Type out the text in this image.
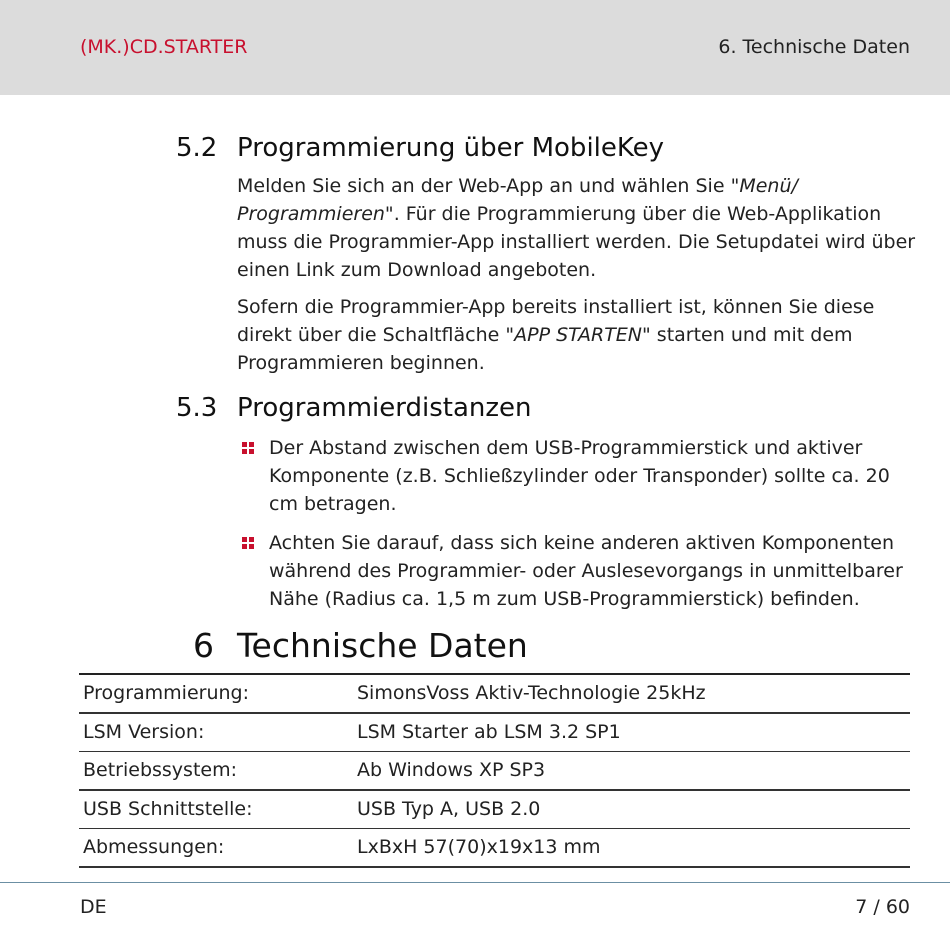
(MK.)CD.STARTER	6. Technische Daten
5.2 Programmierung über MobileKey
Melden Sie sich an der Web-App an und wählen Sie "Menü/ Programmieren". Für die Programmierung über die Web-Applikation muss die Programmier-App installiert werden. Die Setupdatei wird über einen Link zum Download angeboten.
Sofern die Programmier-App bereits installiert ist, können Sie diese direkt über die Schaltfläche "APP STARTEN" starten und mit dem Programmieren beginnen.
5.3 Programmierdistanzen
Der Abstand zwischen dem USB-Programmierstick und aktiver Komponente (z.B. Schließzylinder oder Transponder) sollte ca. 20 cm betragen.
Achten Sie darauf, dass sich keine anderen aktiven Komponenten während des Programmier- oder Auslesevorgangs in unmittelbarer Nähe (Radius ca. 1,5 m zum USB-Programmierstick) befinden.
6 Technische Daten
Programmierung:	SimonsVoss Aktiv-Technologie 25kHz
LSM Version:	LSM Starter ab LSM 3.2 SP1
Betriebssystem:	Ab Windows XP SP3
USB Schnittstelle:	USB Typ A, USB 2.0
Abmessungen:	LxBxH 57(70)x19x13 mm
DE	7 / 60
